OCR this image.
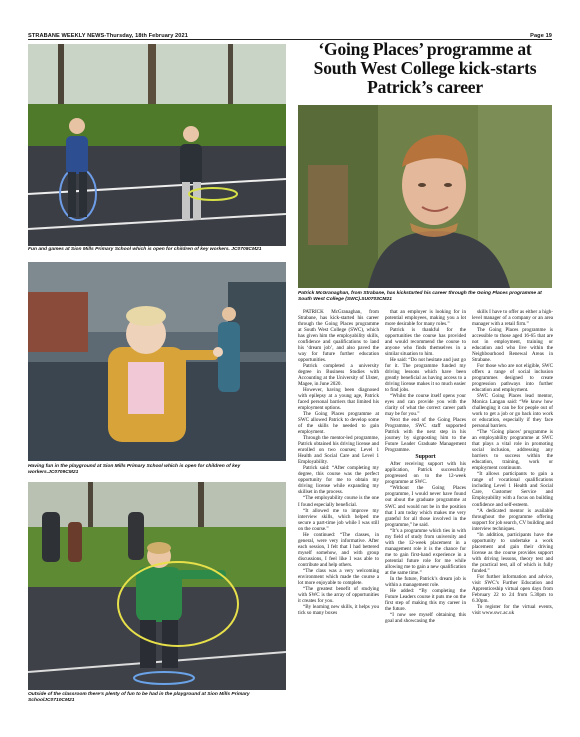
STRABANE WEEKLY NEWS-Thursday, 18th February 2021	Page 19
Fun and games at Sion Mills Primary School which is open for children of key workers. JC0708CM21
Having fun in the playground at Sion Mills Primary School which is open for children of key workers.JC0709CM21
Outside of the classroom there’s plenty of fun to be had in the playground at Sion Mills Primary SchoolJC0710CM21
‘Going Places’ programme at South West College kick-starts Patrick’s career
Patrick McGranaghan, from Strabane, has kickstarted his career through the Going Places programme at South West College (SWC).SU0703CM21

PATRICK McGranaghan, from Strabane, has kick-started his career through the Going Places programme at South West College (SWC), which has given him the employability skills, confidence and qualifications to land his ‘dream job’, and also paved the way for future further education opportunities.

Patrick completed a university degree in Business Studies with Accounting at the University of Ulster, Magee, in June 2020.

However, having been diagnosed with epilepsy at a young age, Patrick faced personal barriers that limited his employment options.

The Going Places programme at SWC allowed Patrick to develop some of the skills he needed to gain employment.

Through the mentor-led programme, Patrick obtained his driving license and enrolled on two courses; Level 1 Health and Social Care and Level 1 Employability.

Patrick said: “After completing my degree, this course was the perfect opportunity for me to obtain my driving license while expanding my skillset in the process.

“The employability course is the one I found especially beneficial.

“It allowed me to improve my interview skills, which helped me secure a part-time job while I was still on the course.”

He continued: “The classes, in general, were very informative. After each session, I felt that I had bettered myself somehow, and with group discussions, I feel like I was able to contribute and help others.

“The class was a very welcoming environment which made the course a lot more enjoyable to complete.

“The greatest benefit of studying with SWC is the array of opportunities it creates for you.

“By learning new skills, it helps you tick so many boxes

that an employer is looking for in potential employees, making you a lot more desirable for many roles.”

Patrick is thankful for the opportunities the course has provided and would recommend the course to anyone who finds themselves in a similar situation to him.

He said: “Do not hesitate and just go for it. The programme funded my driving lessons which have been greatly beneficial as having access to a driving license makes it so much easier to find jobs.

“Whilst the course itself opens your eyes and can provide you with the clarity of what the correct career path may be for you.”

Next the end of the Going Places Programme, SWC staff supported Patrick with the next step in his journey by signposting him to the Future Leader Graduate Management Programme.

Support

After receiving support with his application, Patrick successfully progressed on to the 12-week programme at SWC.

“Without the Going Places programme, I would never have found out about the graduate programme at SWC and would not be in the position that I am today which makes me very grateful for all those involved in the programme,” he said.

“It’s a programme which ties in with my field of study from university and with the 12-week placement in a management role it is the chance for me to gain first-hand experience in a potential future role for me while allowing me to gain a new qualification at the same time.”

In the future, Patrick’s dream job is within a management role.

He added: “By completing the Future Leaders course it puts me on the first step of making this my career in the future.

“I now see myself obtaining this goal and showcasing the

skills I have to offer as either a high-level manager of a company or an area manager with a retail firm.”

The Going Places programme is accessible to those aged 16-65 that are not in employment, training or education and who live within the Neighbourhood Renewal Areas in Strabane.

For those who are not eligible, SWC offers a range of social inclusion programmes designed to create progression pathways into further education and employment.

SWC Going Places lead mentor, Monica Langan said: “We know how challenging it can be for people out of work to get a job or go back into work or education, especially if they face personal barriers.

“The ‘Going places’ programme is an employability programme at SWC that plays a vital role in promoting social inclusion, addressing any barriers to success within the education, training, work or employment continuum.

“It allows participants to gain a range of vocational qualifications including Level 1 Health and Social Care, Customer Service and Employability with a focus on building confidence and self-esteem.

“A dedicated mentor is available throughout the programme offering support for job search, CV building and interview techniques.

“In addition, participants have the opportunity to undertake a work placement and gain their driving license as the course provides support with driving lessons, theory test and the practical test, all of which is fully funded.”

For further information and advice, visit SWC’s Further Education and Apprenticeship virtual open days from February 22 to 24 from 5.30pm to 6.30pm.

To register for the virtual events, visit www.swc.ac.uk
